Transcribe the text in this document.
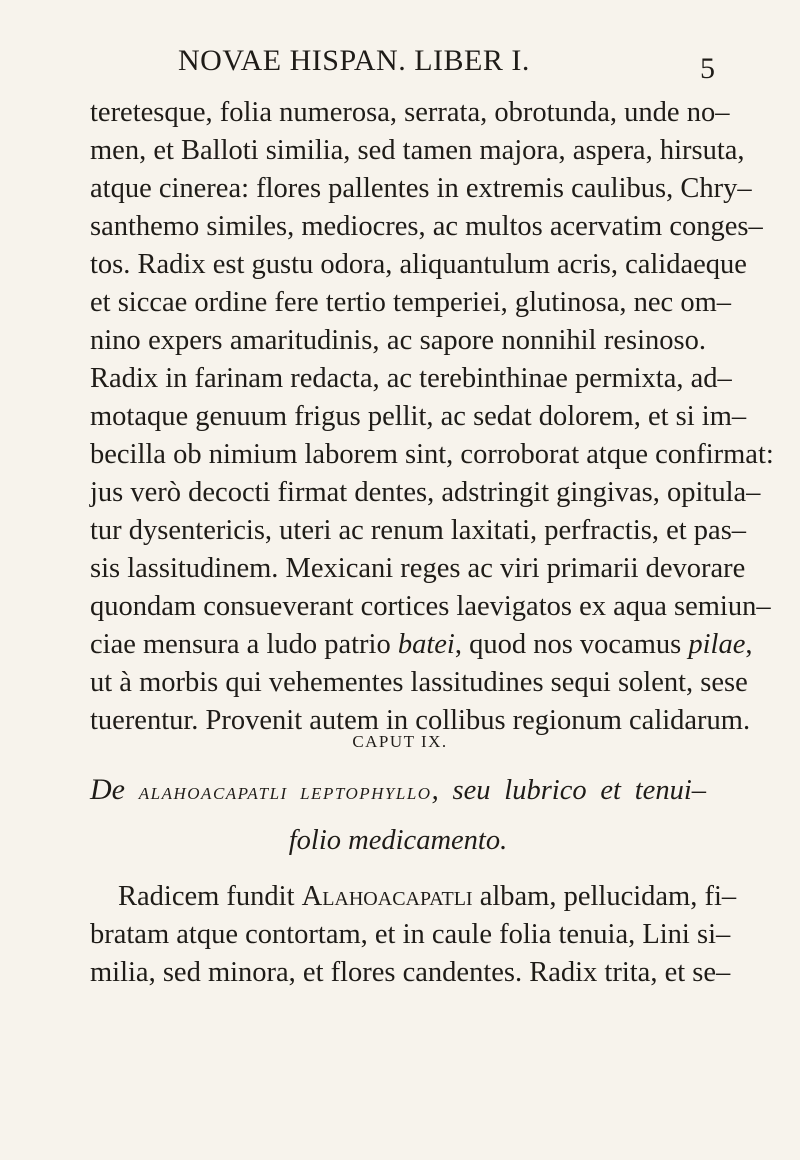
NOVAE HISPAN. LIBER I.	5
teretesque, folia numerosa, serrata, obrotunda, unde no–
men, et Balloti similia, sed tamen majora, aspera, hirsuta,
atque cinerea: flores pallentes in extremis caulibus, Chry–
santhemo similes, mediocres, ac multos acervatim conges–
tos. Radix est gustu odora, aliquantulum acris, calidaeque
et siccae ordine fere tertio temperiei, glutinosa, nec om–
nino expers amaritudinis, ac sapore nonnihil resinoso.
Radix in farinam redacta, ac terebinthinae permixta, ad–
motaque genuum frigus pellit, ac sedat dolorem, et si im–
becilla ob nimium laborem sint, corroborat atque confirmat:
jus verò decocti firmat dentes, adstringit gingivas, opitula–
tur dysentericis, uteri ac renum laxitati, perfractis, et pas–
sis lassitudinem. Mexicani reges ac viri primarii devorare
quondam consueverant cortices laevigatos ex aqua semiun–
ciae mensura a ludo patrio batei, quod nos vocamus pilae,
ut à morbis qui vehementes lassitudines sequi solent, sese
tuerentur. Provenit autem in collibus regionum calidarum.
CAPUT IX.
De ALAHOACAPATLI LEPTOPHYLLO, seu lubrico et tenui–
folio medicamento.
Radicem fundit Alahoacapatli albam, pellucidam, fi–
bratam atque contortam, et in caule folia tenuia, Lini si–
milia, sed minora, et flores candentes. Radix trita, et se–
